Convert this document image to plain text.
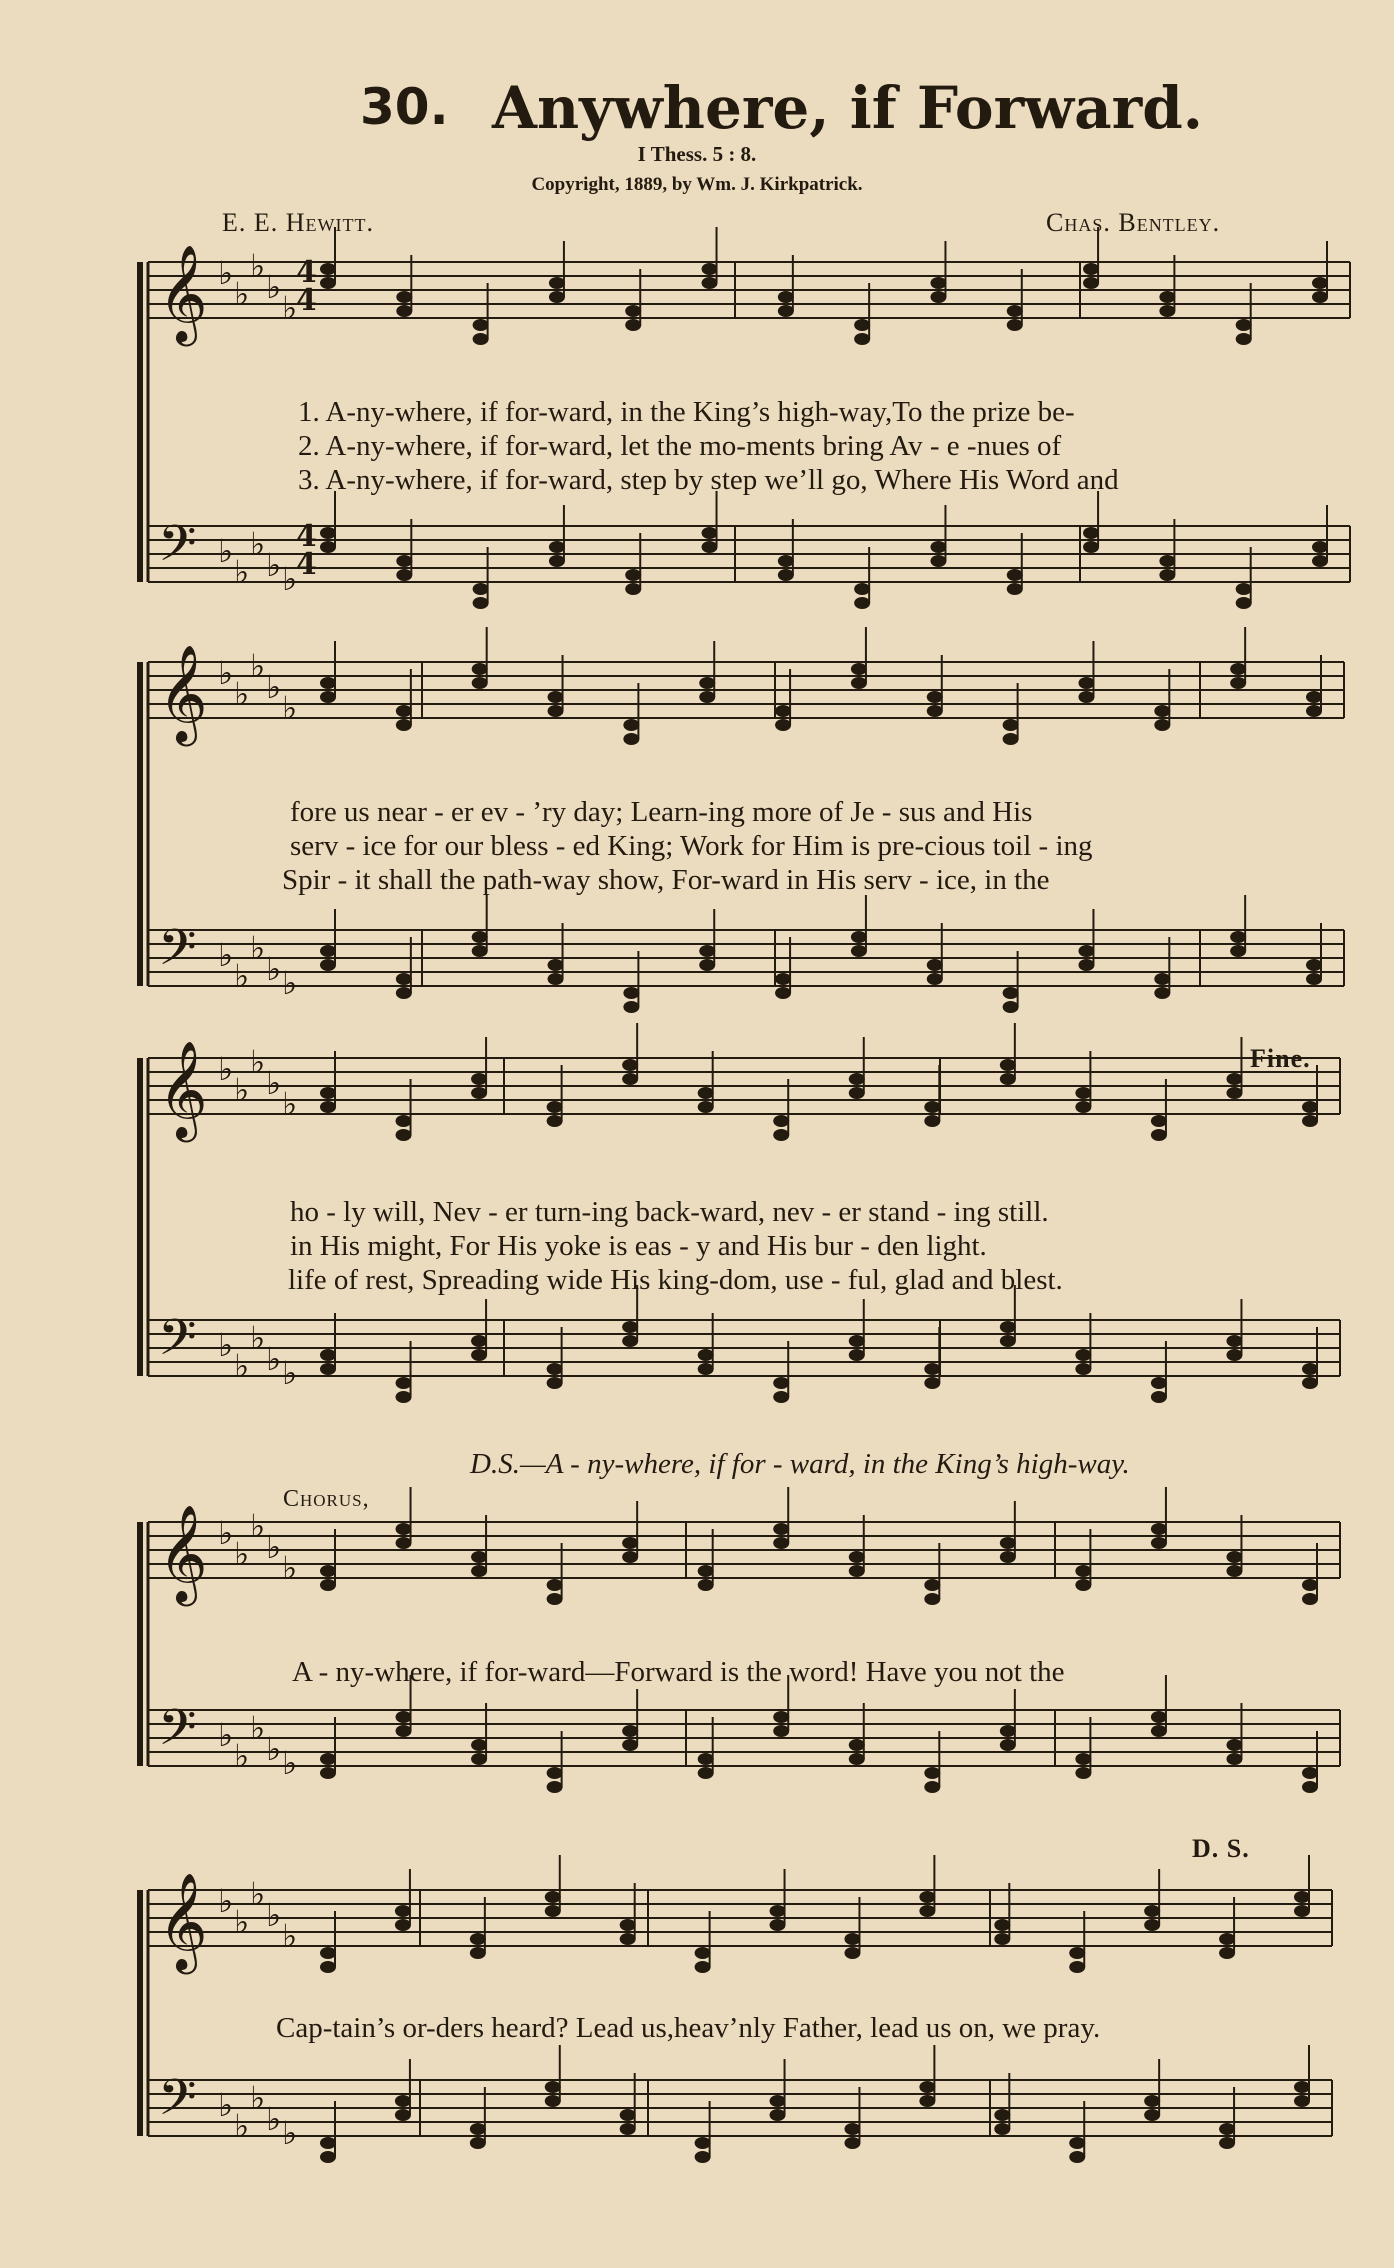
30. Anywhere, if Forward.
I Thess. 5 : 8.
Copyright, 1889, by Wm. J. Kirkpatrick.
E. E. Hewitt.	Chas. Bentley.
𝄞 ♭
♭
♭
♭
♭
𝄢 ♭
♭
♭
♭ ♭
𝄞 ♭
♭
♭
♭
♭
𝄢 ♭
♭
♭
♭ ♭
𝄞 ♭
♭
♭
♭
♭
𝄢 ♭
♭
♭
♭ ♭
𝄞 ♭
♭
♭
♭
♭
𝄢 ♭
♭
♭
♭ ♭
𝄞 ♭
♭
♭
♭
♭
𝄢 ♭
♭
♭
♭ ♭
4
4
4
4
1. A-ny-where, if for-ward, in the King’s high-way,To the prize be-
2. A-ny-where, if for-ward, let the mo-ments bring Av - e -nues of
3. A-ny-where, if for-ward, step by step we’ll go, Where His Word and
fore us near - er ev - ’ry day; Learn-ing more of Je - sus and His
serv - ice for our bless - ed King; Work for Him is pre-cious toil - ing
Spir - it shall the path-way show, For-ward in His serv - ice, in the
Fine.
ho - ly will, Nev - er turn-ing back-ward, nev - er stand - ing still.
in His might, For His yoke is eas - y and His bur - den light.
life of rest, Spreading wide His king-dom, use - ful, glad and blest.
D.S.—A - ny-where, if for - ward, in the King’s high-way.
Chorus,
A - ny-where, if for-ward—Forward is the word! Have you not the
D. S.
Cap-tain’s or-ders heard? Lead us,heav’nly Father, lead us on, we pray.
